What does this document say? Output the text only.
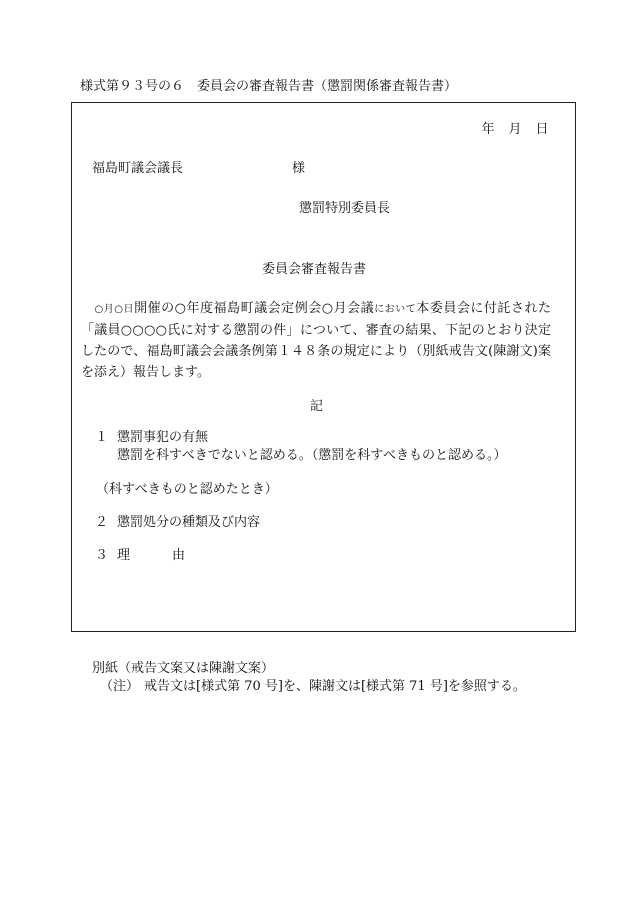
様式第９３号の６　委員会の審査報告書（懲罰関係審査報告書）
年　月　日
福島町議会議長	様
懲罰特別委員長
委員会審査報告書
○月○日開催の○年度福島町議会定例会○月会議において本委員会に付託された「議員○○○○氏に対する懲罰の件」について、審査の結果、下記のとおり決定したので、福島町議会会議条例第１４８条の規定により（別紙戒告文(陳謝文)案を添え）報告します。
記
１ 懲罰事犯の有無
懲罰を科すべきでないと認める。（懲罰を科すべきものと認める。）
（科すべきものと認めたとき）
２ 懲罰処分の種類及び内容
３ 理	由
別紙（戒告文案又は陳謝文案）
（注） 戒告文は[様式第 70 号]を、陳謝文は[様式第 71 号]を参照する。
